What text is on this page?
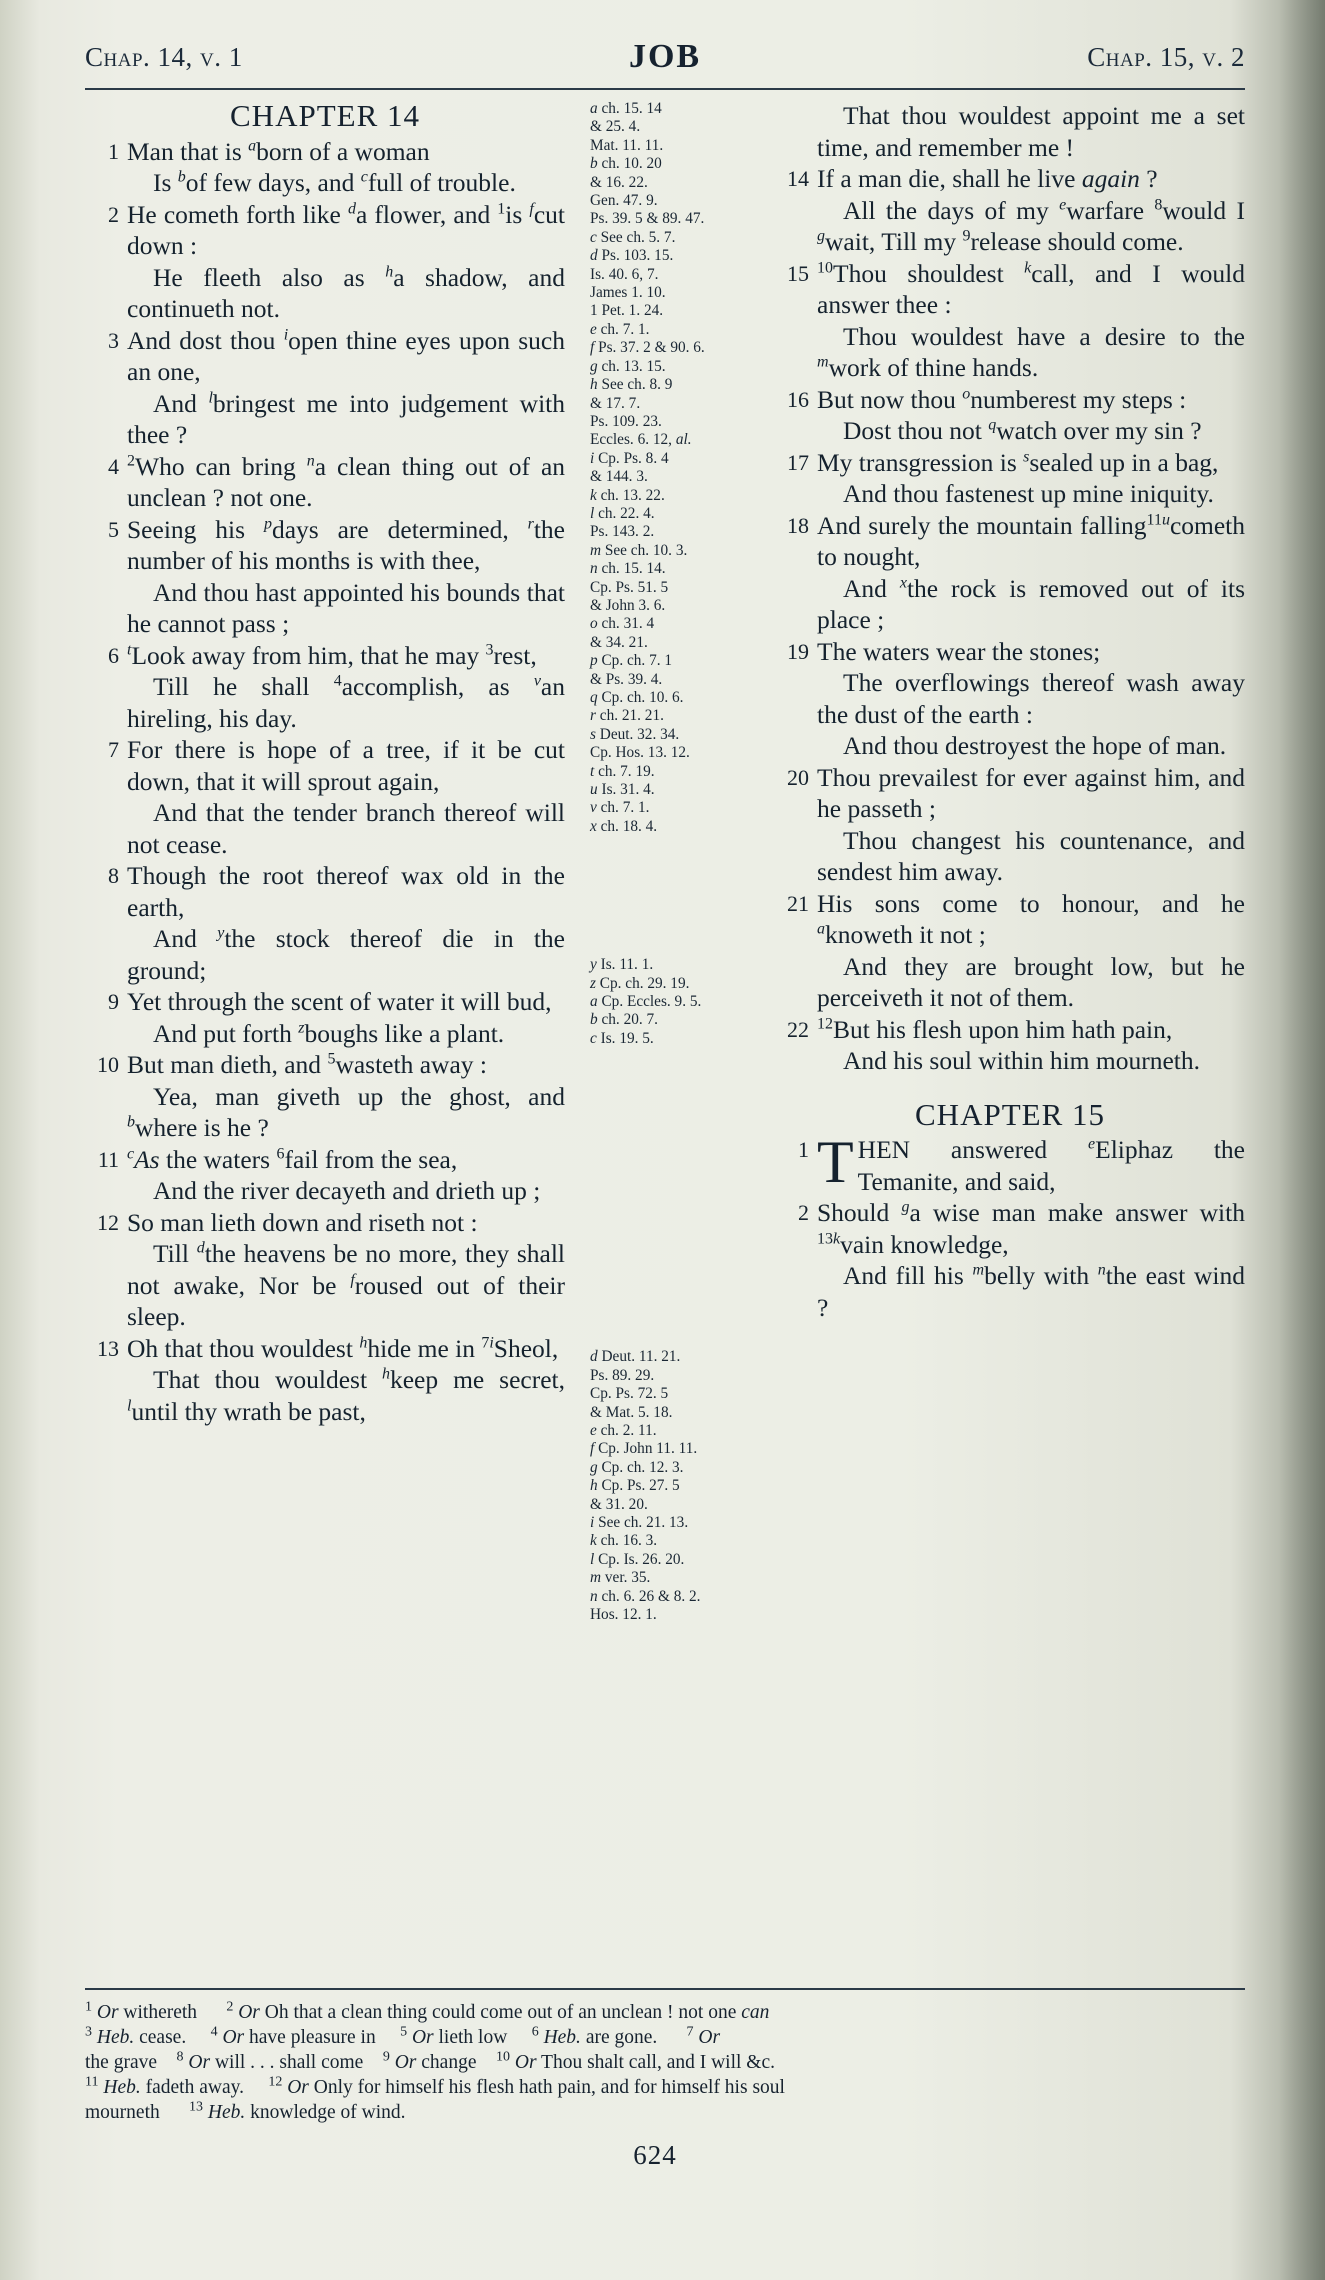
Chap. 14, v. 1	JOB	Chap. 15, v. 2
CHAPTER 14
1 Man that is $^a$born of a woman
Is $^b$of few days, and $^c$full of trouble.
2 He cometh forth like $^d$a flower, and $^1$is $^f$cut down :
He fleeth also as $^h$a shadow, and continueth not.
3 And dost thou $^i$open thine eyes upon such an one,
And $^l$bringest me into judgement with thee ?
4 $^2$Who can bring $^n$a clean thing out of an unclean ? not one.
5 Seeing his $^p$days are determined, $^r$the number of his months is with thee,
And thou hast appointed his bounds that he cannot pass ;
6 $^t$Look away from him, that he may $^3$rest,
Till he shall $^4$accomplish, as $^v$an hireling, his day.
7 For there is hope of a tree, if it be cut down, that it will sprout again,
And that the tender branch thereof will not cease.
8 Though the root thereof wax old in the earth,
And $^y$the stock thereof die in the ground;
9 Yet through the scent of water it will bud,
And put forth $^z$boughs like a plant.
10 But man dieth, and $^5$wasteth away :
Yea, man giveth up the ghost, and $^b$where is he ?
11 $^c$As the waters $^6$fail from the sea,
And the river decayeth and drieth up ;
12 So man lieth down and riseth not :
Till $^d$the heavens be no more, they shall not awake, Nor be $^f$roused out of their sleep.
13 Oh that thou wouldest $^h$hide me in $^{7i}$Sheol,
That thou wouldest $^h$keep me secret, $^l$until thy wrath be past,
a ch. 15. 14
& 25. 4.
Mat. 11. 11.
b ch. 10. 20
& 16. 22.
Gen. 47. 9.
Ps. 39. 5 & 89. 47.
c See ch. 5. 7.
d Ps. 103. 15.
Is. 40. 6, 7.
James 1. 10.
1 Pet. 1. 24.
e ch. 7. 1.
f Ps. 37. 2 & 90. 6.
g ch. 13. 15.
h See ch. 8. 9
& 17. 7.
Ps. 109. 23.
Eccles. 6. 12, al.
i Cp. Ps. 8. 4
& 144. 3.
k ch. 13. 22.
l ch. 22. 4.
Ps. 143. 2.
m See ch. 10. 3.
n ch. 15. 14.
Cp. Ps. 51. 5
& John 3. 6.
o ch. 31. 4
& 34. 21.
p Cp. ch. 7. 1
& Ps. 39. 4.
q Cp. ch. 10. 6.
r ch. 21. 21.
s Deut. 32. 34.
Cp. Hos. 13. 12.
t ch. 7. 19.
u Is. 31. 4.
v ch. 7. 1.
x ch. 18. 4.
y Is. 11. 1.
z Cp. ch. 29. 19.
a Cp. Eccles. 9. 5.
b ch. 20. 7.
c Is. 19. 5.
d Deut. 11. 21.
Ps. 89. 29.
Cp. Ps. 72. 5
& Mat. 5. 18.
e ch. 2. 11.
f Cp. John 11. 11.
g Cp. ch. 12. 3.
h Cp. Ps. 27. 5
& 31. 20.
i See ch. 21. 13.
k ch. 16. 3.
l Cp. Is. 26. 20.
m ver. 35.
n ch. 6. 26 & 8. 2.
Hos. 12. 1.
That thou wouldest appoint me a set time, and remember me !
14 If a man die, shall he live again ?
All the days of my $^e$warfare $^8$would I $^g$wait, Till my $^9$release should come.
15 $^{10}$Thou shouldest $^k$call, and I would answer thee :
Thou wouldest have a desire to the $^m$work of thine hands.
16 But now thou $^o$numberest my steps :
Dost thou not $^q$watch over my sin ?
17 My transgression is $^s$sealed up in a bag,
And thou fastenest up mine iniquity.
18 And surely the mountain falling$^{11u}$cometh to nought,
And $^x$the rock is removed out of its place ;
19 The waters wear the stones;
The overflowings thereof wash away the dust of the earth :
And thou destroyest the hope of man.
20 Thou prevailest for ever against him, and he passeth ;
Thou changest his countenance, and sendest him away.
21 His sons come to honour, and he $^a$knoweth it not ;
And they are brought low, but he perceiveth it not of them.
22 $^{12}$But his flesh upon him hath pain,
And his soul within him mourneth.
CHAPTER 15
1 T HEN answered $^e$Eliphaz the Temanite, and said,
2 Should $^g$a wise man make answer with $^{13k}$vain knowledge,
And fill his $^m$belly with $^n$the east wind ?
$^1$ Or withereth      $^2$ Or Oh that a clean thing could come out of an unclean ! not one can
$^3$ Heb. cease.     $^4$ Or have pleasure in     $^5$ Or lieth low     $^6$ Heb. are gone.      $^7$ Or
the grave    $^8$ Or will . . . shall come    $^9$ Or change    $^{10}$ Or Thou shalt call, and I will &c.
$^{11}$ Heb. fadeth away.     $^{12}$ Or Only for himself his flesh hath pain, and for himself his soul
mourneth      $^{13}$ Heb. knowledge of wind.
624
